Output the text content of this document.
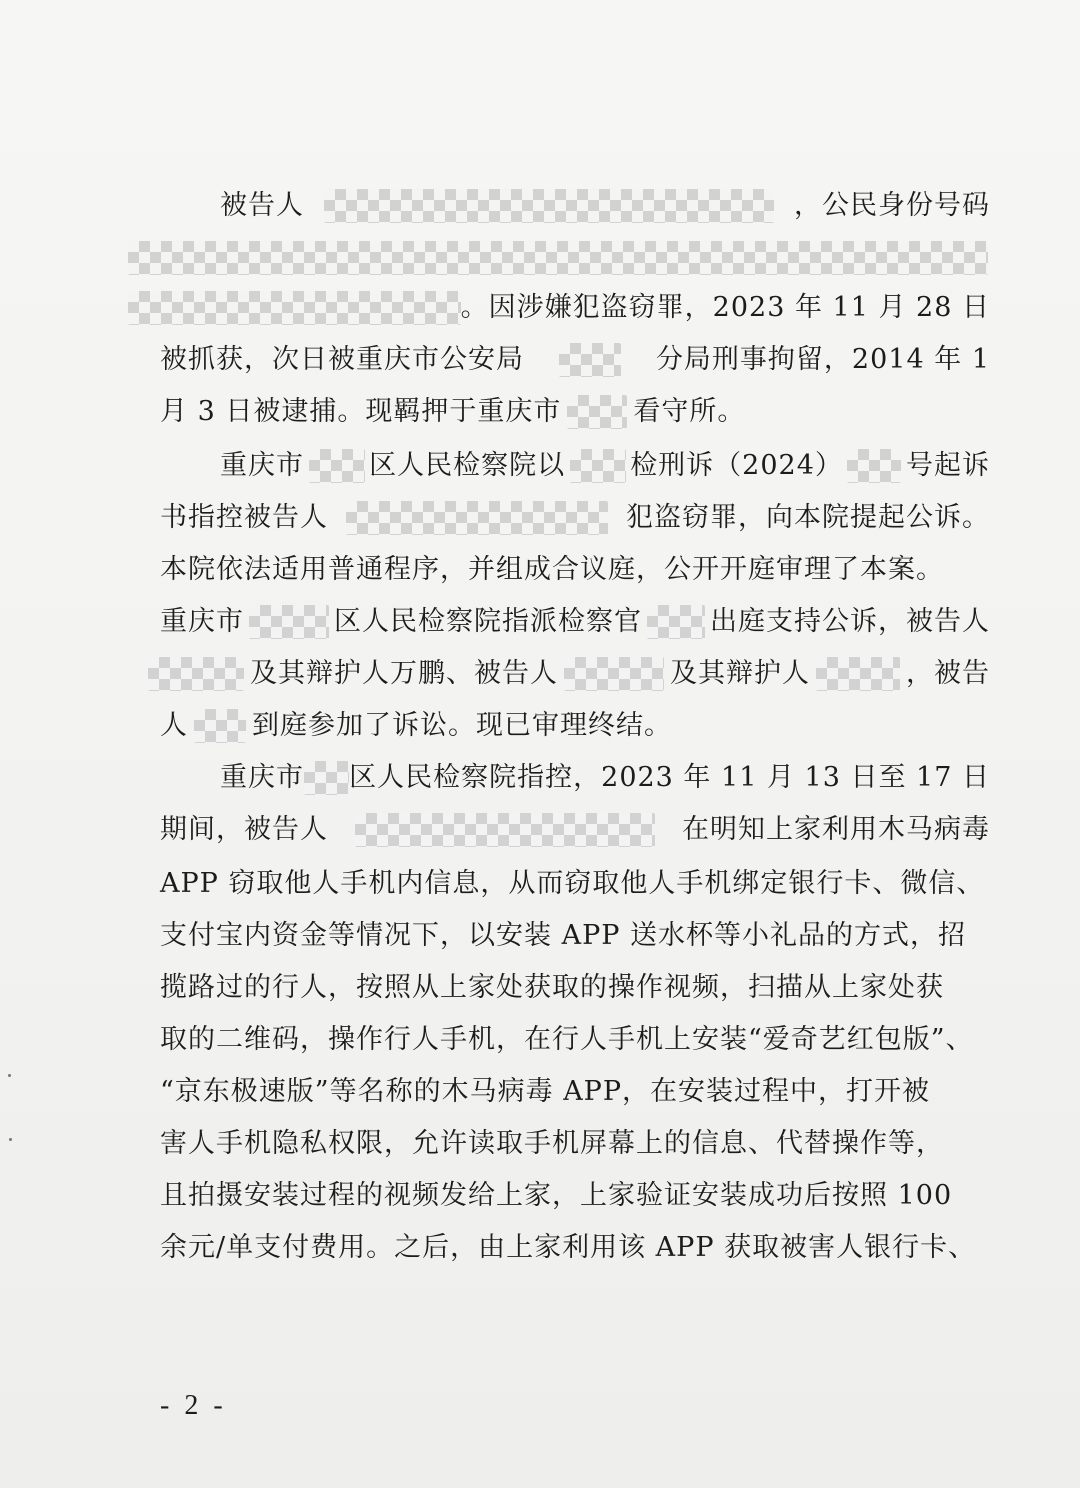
被告人	，公民身份号码
。因涉嫌犯盗窃罪，2023 年 11 月 28 日
被抓获，次日被重庆市公安局	分局刑事拘留，2014 年 1
月 3 日被逮捕。现羁押于重庆市	看守所。
重庆市 区人民检察院以 检刑诉（2024） 号起诉
书指控被告人	犯盗窃罪，向本院提起公诉。
本院依法适用普通程序，并组成合议庭，公开开庭审理了本案。
重庆市	区人民检察院指派检察官	出庭支持公诉，被告人
及其辩护人万鹏、被告人	及其辩护人	，被告
人 到庭参加了诉讼。现已审理终结。
重庆市 区人民检察院指控，2023 年 11 月 13 日至 17 日
期间，被告人	在明知上家利用木马病毒
APP 窃取他人手机内信息，从而窃取他人手机绑定银行卡、微信、
支付宝内资金等情况下，以安装 APP 送水杯等小礼品的方式，招
揽路过的行人，按照从上家处获取的操作视频，扫描从上家处获
取的二维码，操作行人手机，在行人手机上安装“爱奇艺红包版”、
“京东极速版”等名称的木马病毒 APP，在安装过程中，打开被
害人手机隐私权限，允许读取手机屏幕上的信息、代替操作等，
且拍摄安装过程的视频发给上家，上家验证安装成功后按照 100
余元/单支付费用。之后，由上家利用该 APP 获取被害人银行卡、
- 2 -
